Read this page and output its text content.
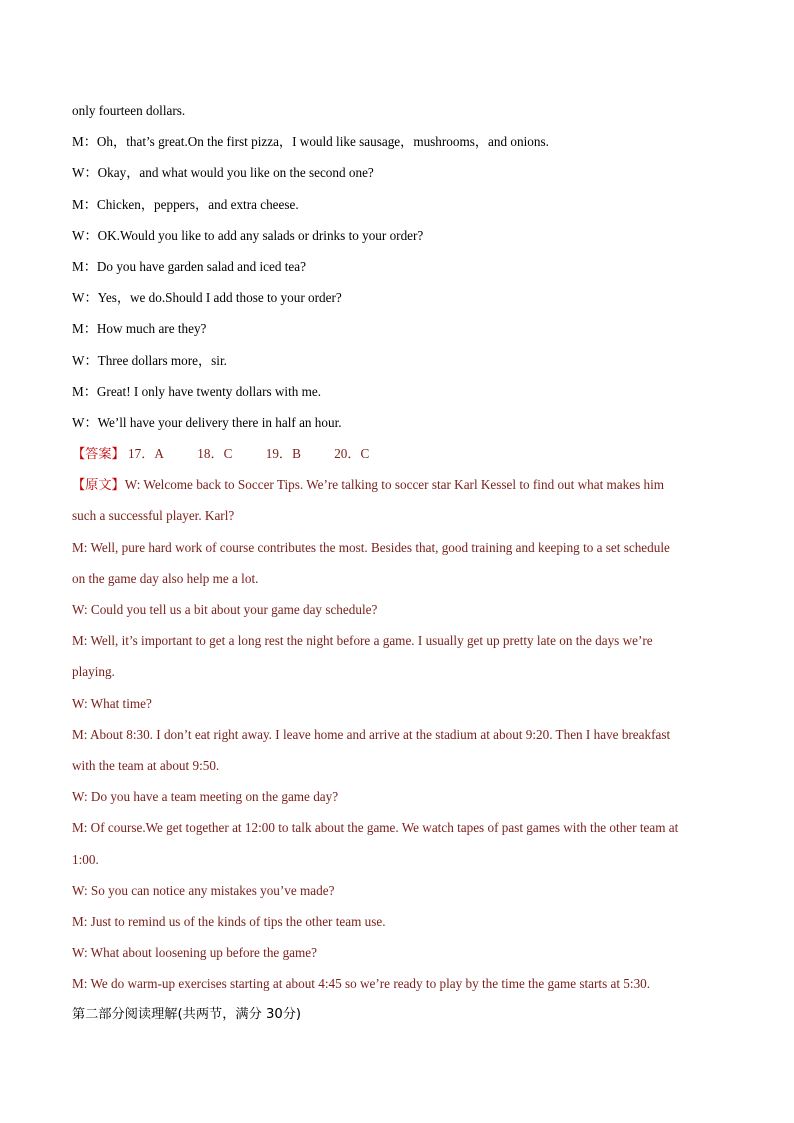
only fourteen dollars.
M：Oh，that’s great.On the first pizza，I would like sausage，mushrooms，and onions.
W：Okay，and what would you like on the second one?
M：Chicken，peppers，and extra cheese.
W：OK.Would you like to add any salads or drinks to your order?
M：Do you have garden salad and iced tea?
W：Yes，we do.Should I add those to your order?
M：How much are they?
W：Three dollars more，sir.
M：Great! I only have twenty dollars with me.
W：We’ll have your delivery there in half an hour.
【答案】 17．A	18．C	19．B	20．C
【原文】W: Welcome back to Soccer Tips. We’re talking to soccer star Karl Kessel to find out what makes him
such a successful player. Karl?
M: Well, pure hard work of course contributes the most. Besides that, good training and keeping to a set schedule
on the game day also help me a lot.
W: Could you tell us a bit about your game day schedule?
M: Well, it’s important to get a long rest the night before a game. I usually get up pretty late on the days we’re
playing.
W: What time?
M: About 8:30. I don’t eat right away. I leave home and arrive at the stadium at about 9:20. Then I have breakfast
with the team at about 9:50.
W: Do you have a team meeting on the game day?
M: Of course.We get together at 12:00 to talk about the game. We watch tapes of past games with the other team at
1:00.
W: So you can notice any mistakes you’ve made?
M: Just to remind us of the kinds of tips the other team use.
W: What about loosening up before the game?
M: We do warm-up exercises starting at about 4:45 so we’re ready to play by the time the game starts at 5:30.
第二部分阅读理解(共两节，满分 30分)
